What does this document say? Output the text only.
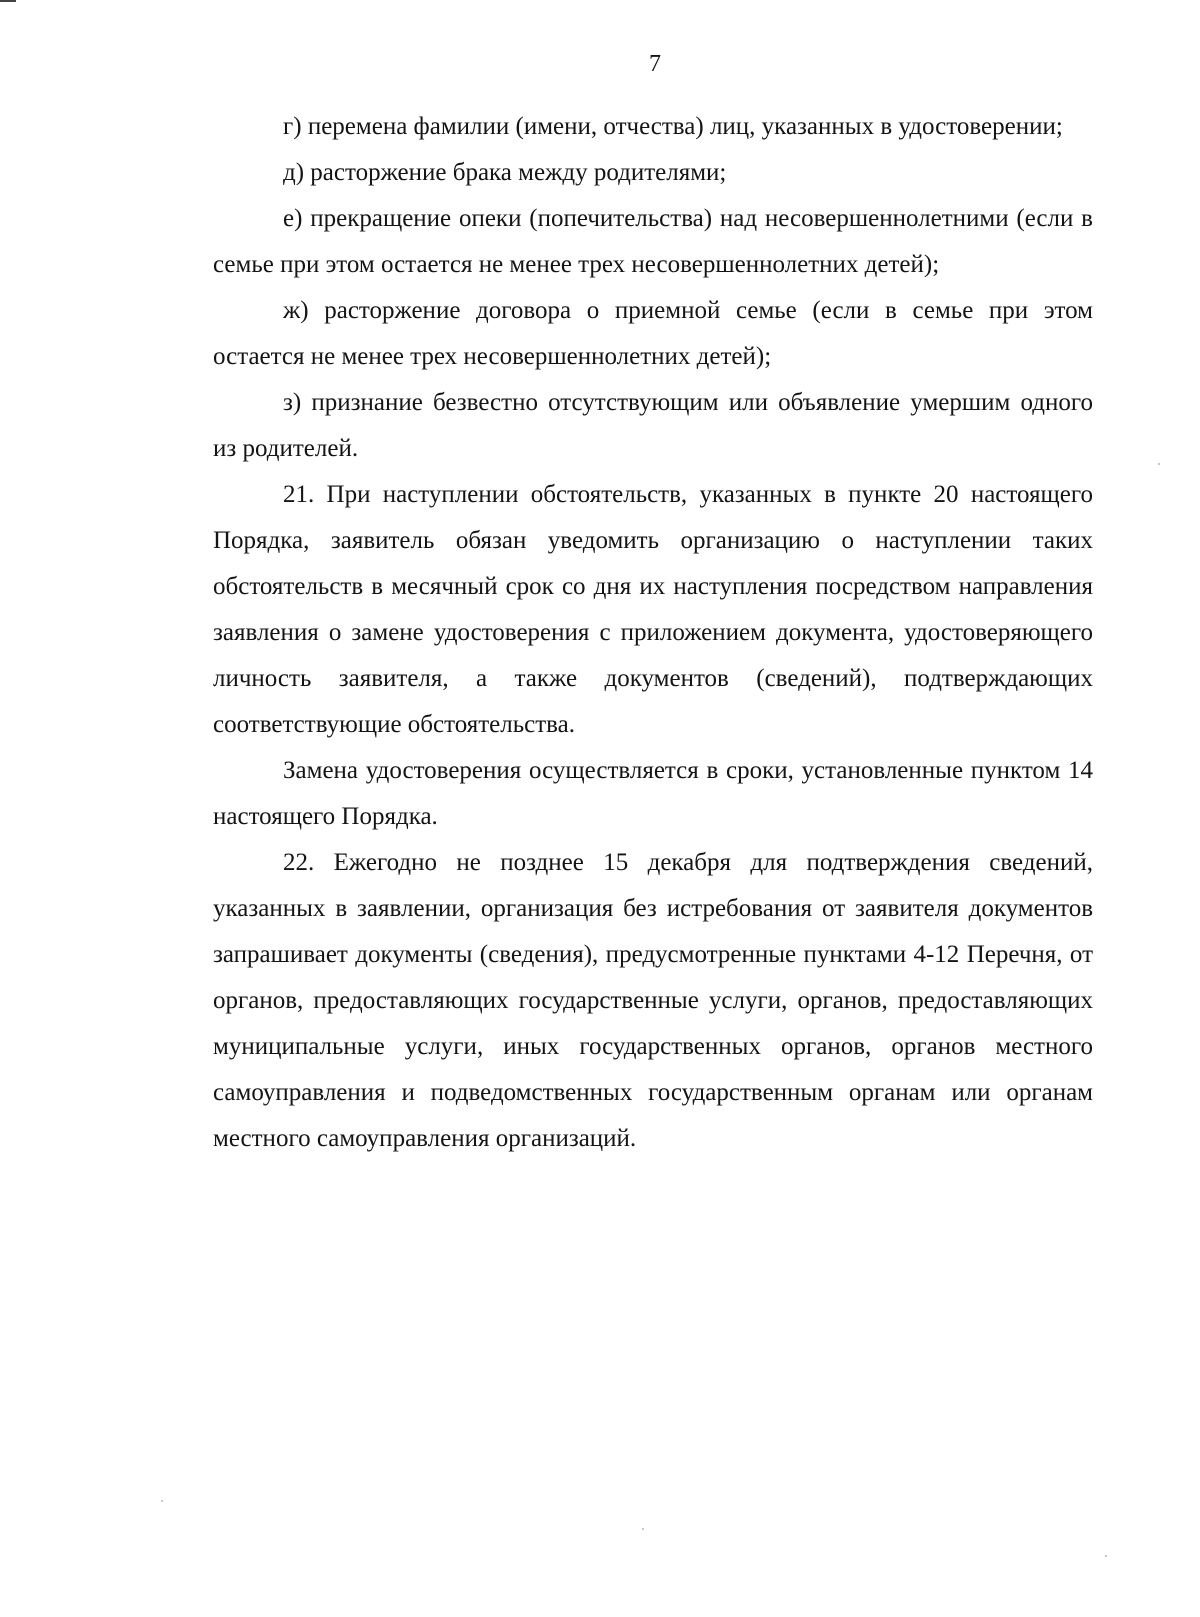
7

г) перемена фамилии (имени, отчества) лиц, указанных в удостоверении;

д) расторжение брака между родителями;

е) прекращение опеки (попечительства) над несовершеннолетними (если в семье при этом остается не менее трех несовершеннолетних детей);

ж) расторжение договора о приемной семье (если в семье при этом остается не менее трех несовершеннолетних детей);

з) признание безвестно отсутствующим или объявление умершим одного из родителей.

21. При наступлении обстоятельств, указанных в пункте 20 настоящего Порядка, заявитель обязан уведомить организацию о наступлении таких обстоятельств в месячный срок со дня их наступления посредством направления заявления о замене удостоверения с приложением документа, удостоверяющего личность заявителя, а также документов (сведений), подтверждающих соответствующие обстоятельства.

Замена удостоверения осуществляется в сроки, установленные пунктом 14 настоящего Порядка.

22. Ежегодно не позднее 15 декабря для подтверждения сведений, указанных в заявлении, организация без истребования от заявителя документов запрашивает документы (сведения), предусмотренные пунктами 4-12 Перечня, от органов, предоставляющих государственные услуги, органов, предоставляющих муниципальные услуги, иных государственных органов, органов местного самоуправления и подведомственных государственным органам или органам местного самоуправления организаций.
